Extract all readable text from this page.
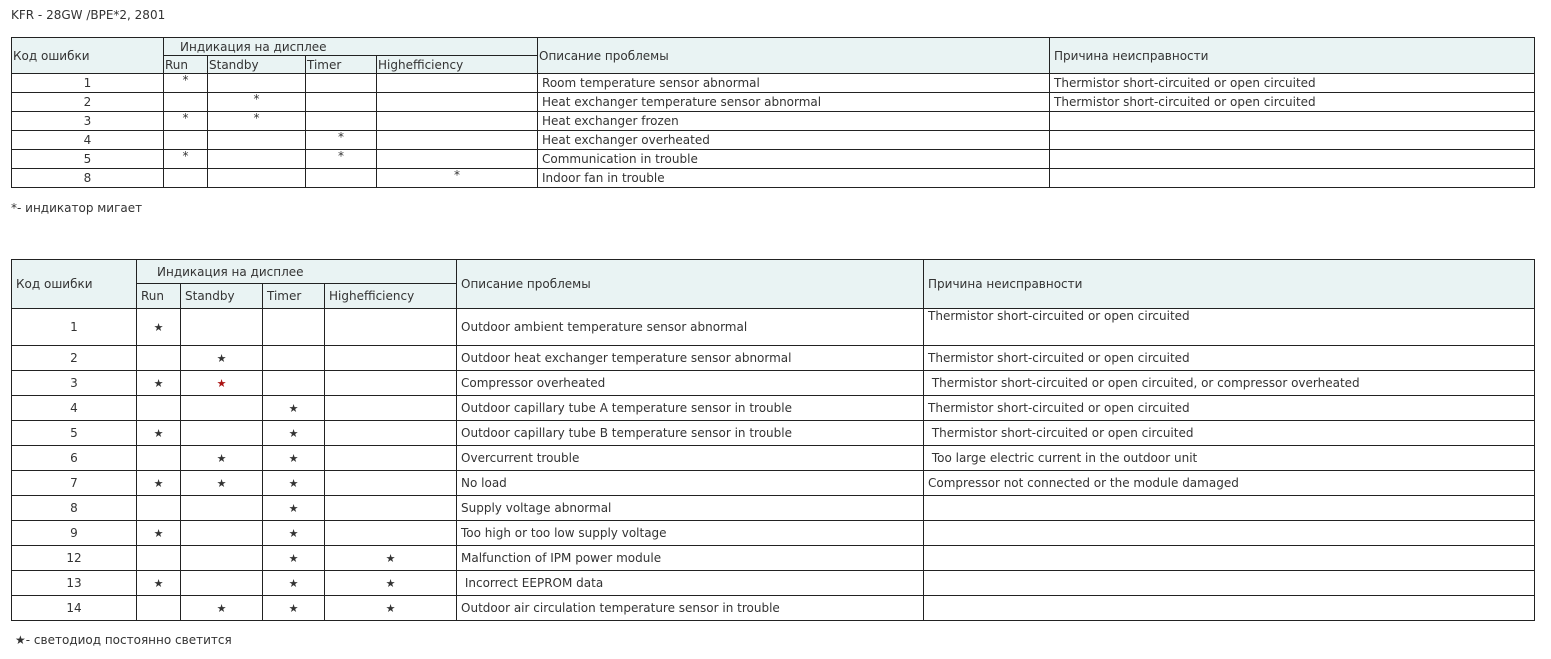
KFR - 28GW /BPE*2, 2801
Код ошибки	Индикация на дисплее				Описание проблемы	Причина неисправности
	Run	Standby	Timer	Highefficiency		
1	*				Room temperature sensor abnormal	Thermistor short-circuited or open circuited
2		*			Heat exchanger temperature sensor abnormal	Thermistor short-circuited or open circuited
3	*	*			Heat exchanger frozen	
4			*		Heat exchanger overheated	
5	*		*		Communication in trouble	
8				*	Indoor fan in trouble	
*- индикатор мигает
Код ошибки	Индикация на дисплее				Описание проблемы	Причина неисправности
	Run	Standby	Timer	Highefficiency		
1	★				Outdoor ambient temperature sensor abnormal	Thermistor short-circuited or open circuited
2		★			Outdoor heat exchanger temperature sensor abnormal	Thermistor short-circuited or open circuited
3	★	★			Compressor overheated	Thermistor short-circuited or open circuited, or compressor overheated
4			★		Outdoor capillary tube A temperature sensor in trouble	Thermistor short-circuited or open circuited
5	★		★		Outdoor capillary tube B temperature sensor in trouble	Thermistor short-circuited or open circuited
6		★	★		Overcurrent trouble	Too large electric current in the outdoor unit
7	★	★	★		No load	Compressor not connected or the module damaged
8			★		Supply voltage abnormal	
9	★		★		Too high or too low supply voltage	
12			★	★	Malfunction of IPM power module	
13	★		★	★	Incorrect EEPROM data	
14		★	★	★	Outdoor air circulation temperature sensor in trouble	
★- светодиод постоянно светится
